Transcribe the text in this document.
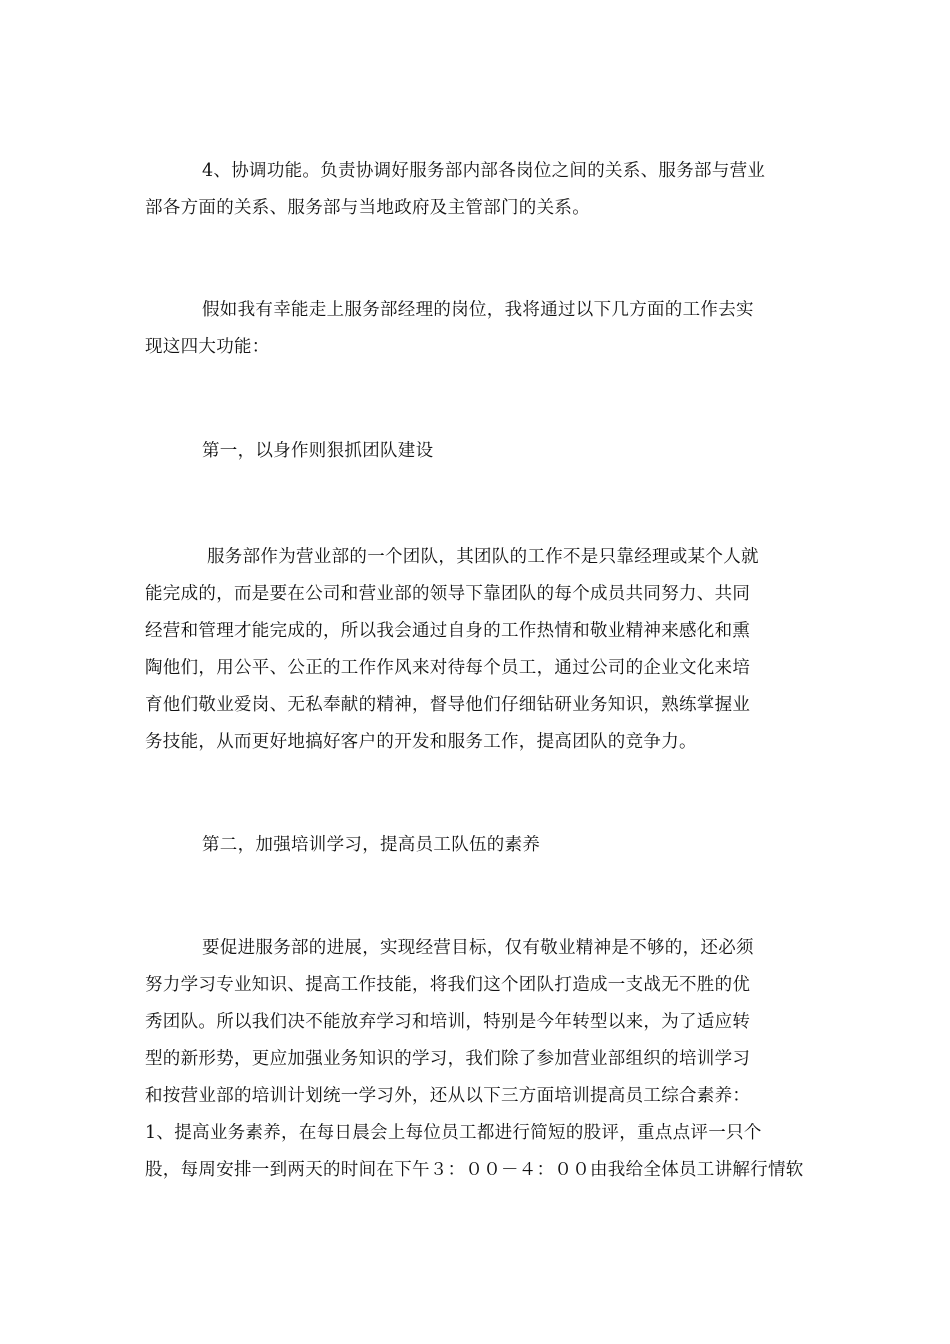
4、协调功能。负责协调好服务部内部各岗位之间的关系、服务部与营业
部各方面的关系、服务部与当地政府及主管部门的关系。
假如我有幸能走上服务部经理的岗位，我将通过以下几方面的工作去实
现这四大功能：
第一，以身作则狠抓团队建设
服务部作为营业部的一个团队，其团队的工作不是只靠经理或某个人就
能完成的，而是要在公司和营业部的领导下靠团队的每个成员共同努力、共同
经营和管理才能完成的，所以我会通过自身的工作热情和敬业精神来感化和熏
陶他们，用公平、公正的工作作风来对待每个员工，通过公司的企业文化来培
育他们敬业爱岗、无私奉献的精神，督导他们仔细钻研业务知识，熟练掌握业
务技能，从而更好地搞好客户的开发和服务工作，提高团队的竞争力。
第二，加强培训学习，提高员工队伍的素养
要促进服务部的进展，实现经营目标，仅有敬业精神是不够的，还必须
努力学习专业知识、提高工作技能，将我们这个团队打造成一支战无不胜的优
秀团队。所以我们决不能放弃学习和培训，特别是今年转型以来，为了适应转
型的新形势，更应加强业务知识的学习，我们除了参加营业部组织的培训学习
和按营业部的培训计划统一学习外，还从以下三方面培训提高员工综合素养：
1、提高业务素养，在每日晨会上每位员工都进行简短的股评，重点点评一只个
股，每周安排一到两天的时间在下午３：００－４：００由我给全体员工讲解行情软
